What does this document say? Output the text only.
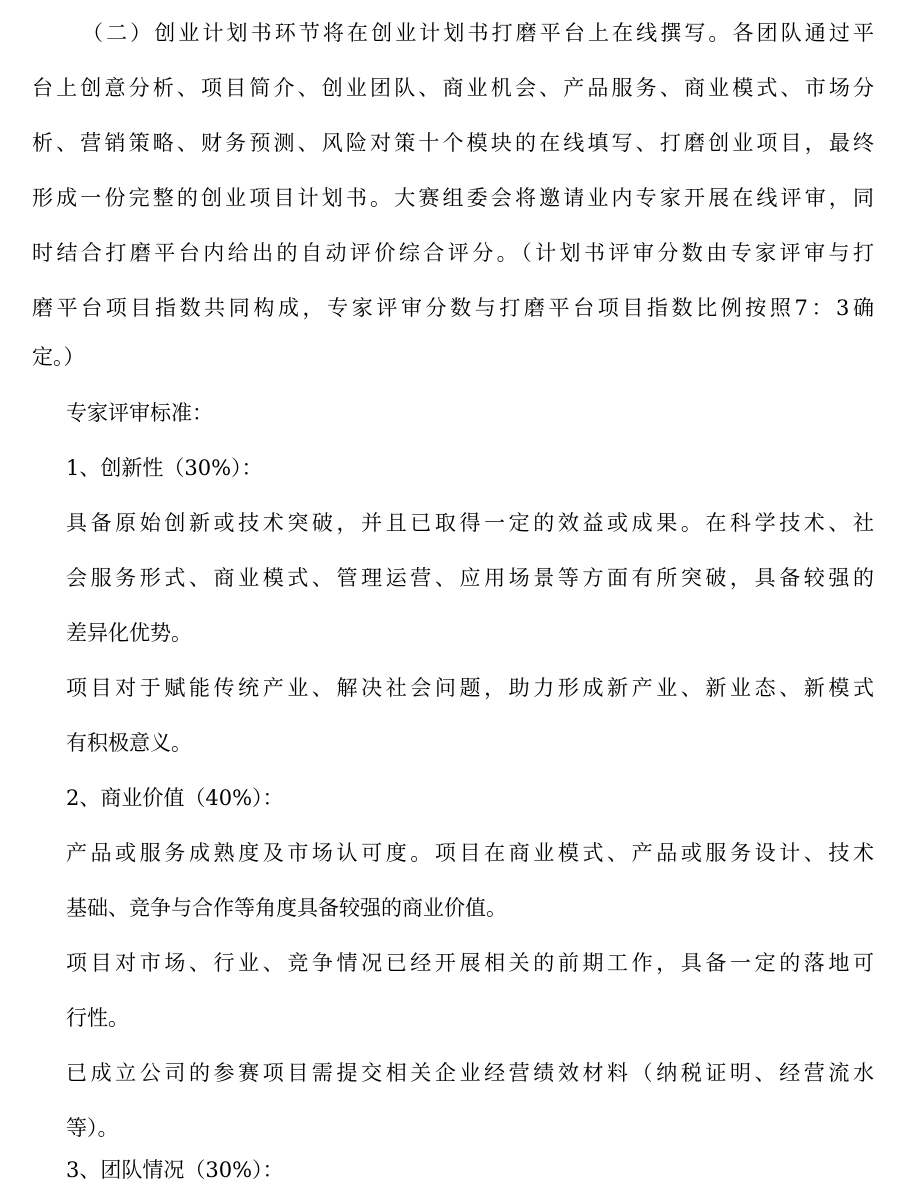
（二）创业计划书环节将在创业计划书打磨平台上在线撰写。各团队通过平
台上创意分析、项目简介、创业团队、商业机会、产品服务、商业模式、市场分
析、营销策略、财务预测、风险对策十个模块的在线填写、打磨创业项目，最终
形成一份完整的创业项目计划书。大赛组委会将邀请业内专家开展在线评审，同
时结合打磨平台内给出的自动评价综合评分。（计划书评审分数由专家评审与打
磨平台项目指数共同构成，专家评审分数与打磨平台项目指数比例按照7：3确
定。）
专家评审标准：
1、创新性（30%）：
具备原始创新或技术突破，并且已取得一定的效益或成果。在科学技术、社
会服务形式、商业模式、管理运营、应用场景等方面有所突破，具备较强的
差异化优势。
项目对于赋能传统产业、解决社会问题，助力形成新产业、新业态、新模式
有积极意义。
2、商业价值（40%）：
产品或服务成熟度及市场认可度。项目在商业模式、产品或服务设计、技术
基础、竞争与合作等角度具备较强的商业价值。
项目对市场、行业、竞争情况已经开展相关的前期工作，具备一定的落地可
行性。
已成立公司的参赛项目需提交相关企业经营绩效材料（纳税证明、经营流水
等）。
3、团队情况（30%）：
